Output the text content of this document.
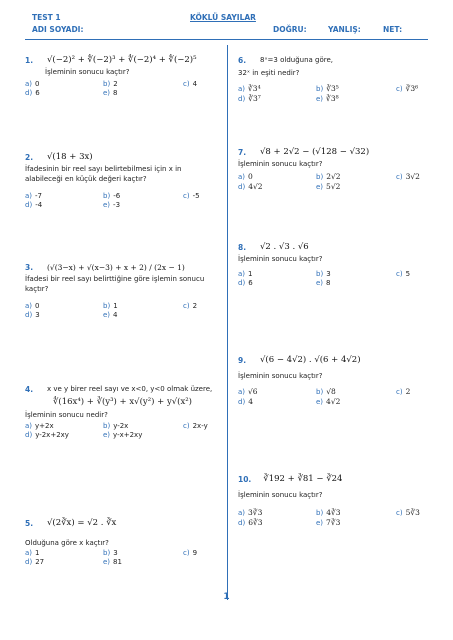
TEST 1
ADI SOYADI:
KÖKLÜ SAYILAR
DOĞRU:	YANLIŞ:	NET:
1. √(−2)² + ∜(−2)³ + ∜(−2)⁴ + ∜(−2)⁵
İşleminin sonucu kaçtır?
a) 0	b) 2	c) 4
d) 6	e) 8
2. √(18 + 3x)
İfadesinin bir reel sayı belirtebilmesi için x in alabileceği en küçük değeri kaçtır?
a) -7	b) -6	c) -5
d) -4	e) -3
3. (√(3−x) + √(x−3) + x + 2) / (2x − 1)
İfadesi bir reel sayı belirttiğine göre işlemin sonucu kaçtır?
a) 0	b) 1	c) 2
d) 3	e) 4
4. x ve y birer reel sayı ve x<0, y<0 olmak üzere,
∜(16x⁴) + ∛(y³) + x√(y²) + y√(x²)
İşleminin sonucu nedir?
a) y+2x	b) y-2x	c) 2x-y
d) y-2x+2xy	e) y-x+2xy
5. √(2∛x) = √2 . ∛x
Olduğuna göre x kaçtır?
a) 1	b) 3	c) 9
d) 27	e) 81
6. 8ˣ=3 olduğuna göre,
32ˣ in eşiti nedir?
a) ∛3⁴	b) ∛3⁵	c) ∛3⁶
d) ∛3⁷	e) ∛3⁸
7. √8 + 2√2 − (√128 − √32)
İşleminin sonucu kaçtır?
a) 0	b) 2√2	c) 3√2
d) 4√2	e) 5√2
8. √2 . √3 . √6
İşleminin sonucu kaçtır?
a) 1	b) 3	c) 5
d) 6	e) 8
9. √(6 − 4√2) . √(6 + 4√2)
İşleminin sonucu kaçtır?
a) √6	b) √8	c) 2
d) 4	e) 4√2
10. ∛192 + ∛81 − ∛24
İşleminin sonucu kaçtır?
a) 3∛3	b) 4∛3	c) 5∛3
d) 6∛3	e) 7∛3
1
